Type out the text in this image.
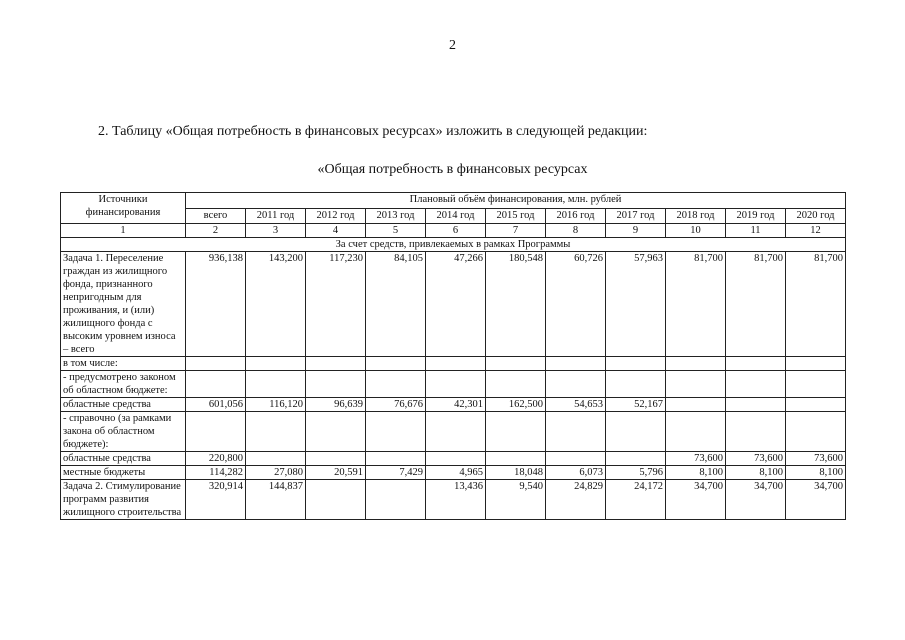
2
2. Таблицу «Общая потребность в финансовых ресурсах» изложить в следующей редакции:
«Общая потребность в финансовых ресурсах
Источники финансирования	Плановый объём финансирования, млн. рублей										
	всего	2011 год	2012 год	2013 год	2014 год	2015 год	2016 год	2017 год	2018 год	2019 год	2020 год
1	2	3	4	5	6	7	8	9	10	11	12
За счет средств, привлекаемых в рамках Программы											
Задача 1. Переселение граждан из жилищного фонда, признанного непригодным для проживания, и (или) жилищного фонда с высоким уровнем износа – всего	936,138	143,200	117,230	84,105	47,266	180,548	60,726	57,963	81,700	81,700	81,700
в том числе:											
- предусмотрено законом об областном бюджете:											
областные средства	601,056	116,120	96,639	76,676	42,301	162,500	54,653	52,167			
- справочно (за рамками закона об областном бюджете):											
областные средства	220,800								73,600	73,600	73,600
местные бюджеты	114,282	27,080	20,591	7,429	4,965	18,048	6,073	5,796	8,100	8,100	8,100
Задача 2. Стимулирование программ развития жилищного строительства	320,914	144,837			13,436	9,540	24,829	24,172	34,700	34,700	34,700
